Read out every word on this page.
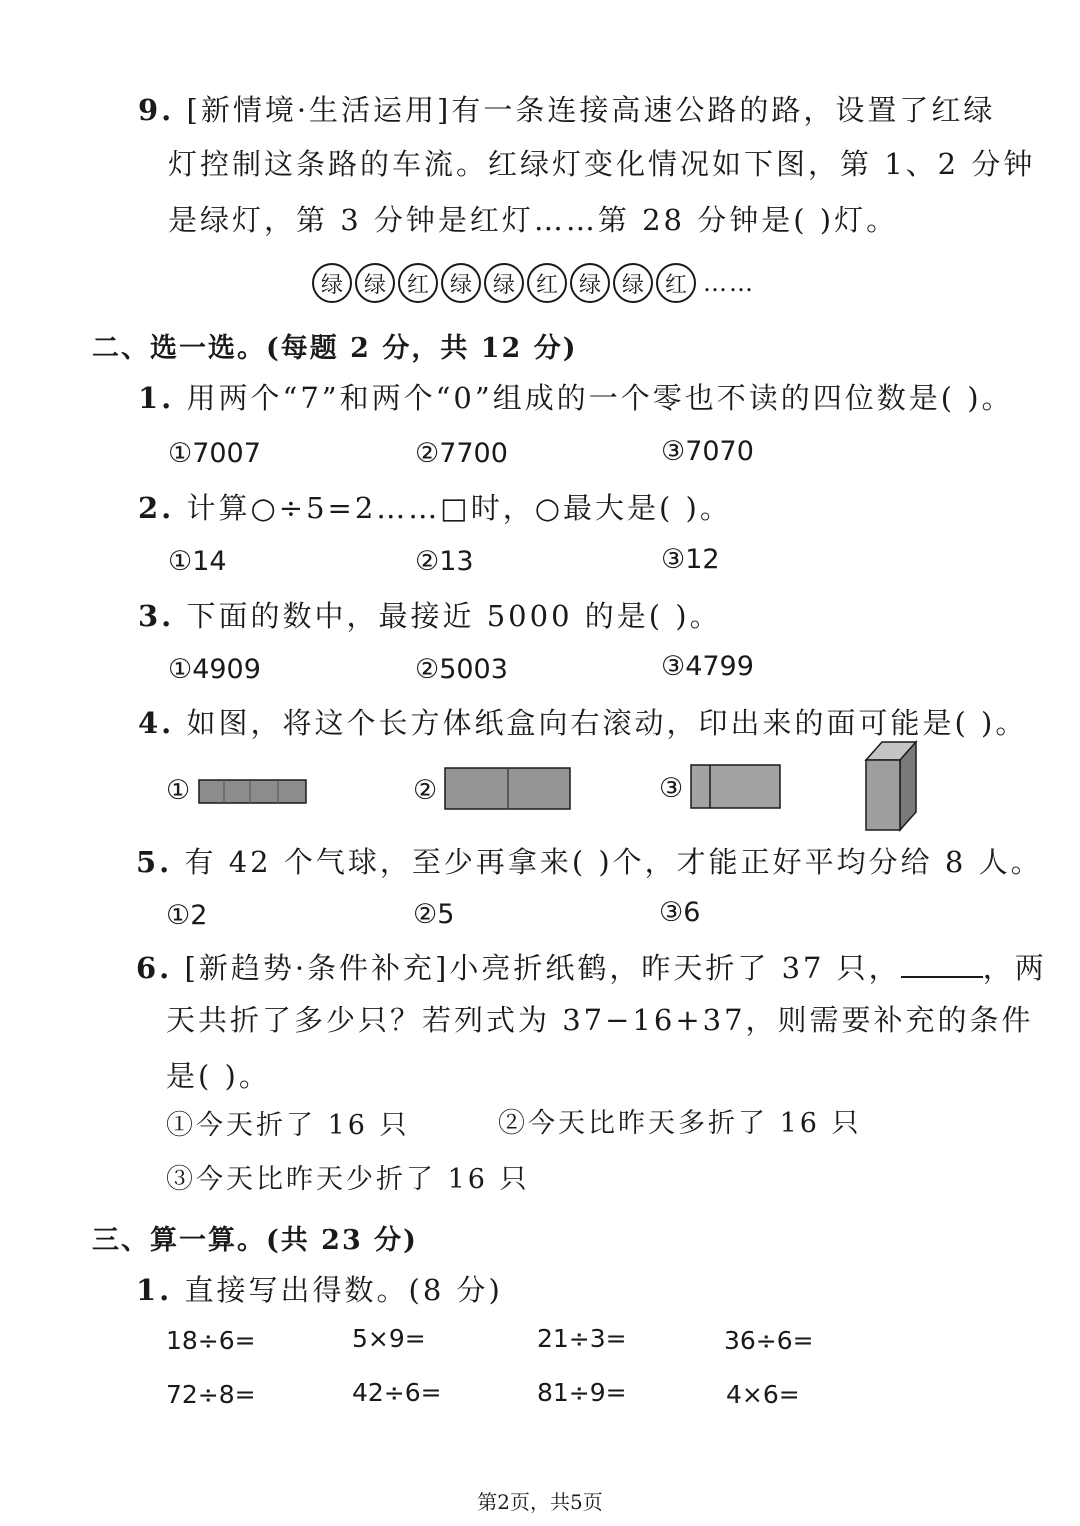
9. [新情境·生活运用]有一条连接高速公路的路，设置了红绿
灯控制这条路的车流。红绿灯变化情况如下图，第 1、2 分钟
是绿灯，第 3 分钟是红灯……第 28 分钟是( )灯。
绿 绿 红 绿 绿 红 绿 绿 红 ……
二、选一选。(每题 2 分，共 12 分)
1. 用两个“7”和两个“0”组成的一个零也不读的四位数是( )。
①7007	②7700	③7070
2. 计算○÷5=2……□时，○最大是( )。
①14	②13	③12
3. 下面的数中，最接近 5000 的是( )。
①4909	②5003	③4799
4. 如图，将这个长方体纸盒向右滚动，印出来的面可能是( )。
①	②	③
5. 有 42 个气球，至少再拿来( )个，才能正好平均分给 8 人。
①2	②5	③6
6. [新趋势·条件补充]小亮折纸鹤，昨天折了 37 只，	，两
天共折了多少只？若列式为 37−16+37，则需要补充的条件
是( )。
①今天折了 16 只	②今天比昨天多折了 16 只
③今天比昨天少折了 16 只
三、算一算。(共 23 分)
1. 直接写出得数。(8 分)
18÷6=	5×9=	21÷3=	36÷6=
72÷8=	42÷6=	81÷9=	4×6=
第2页，共5页
